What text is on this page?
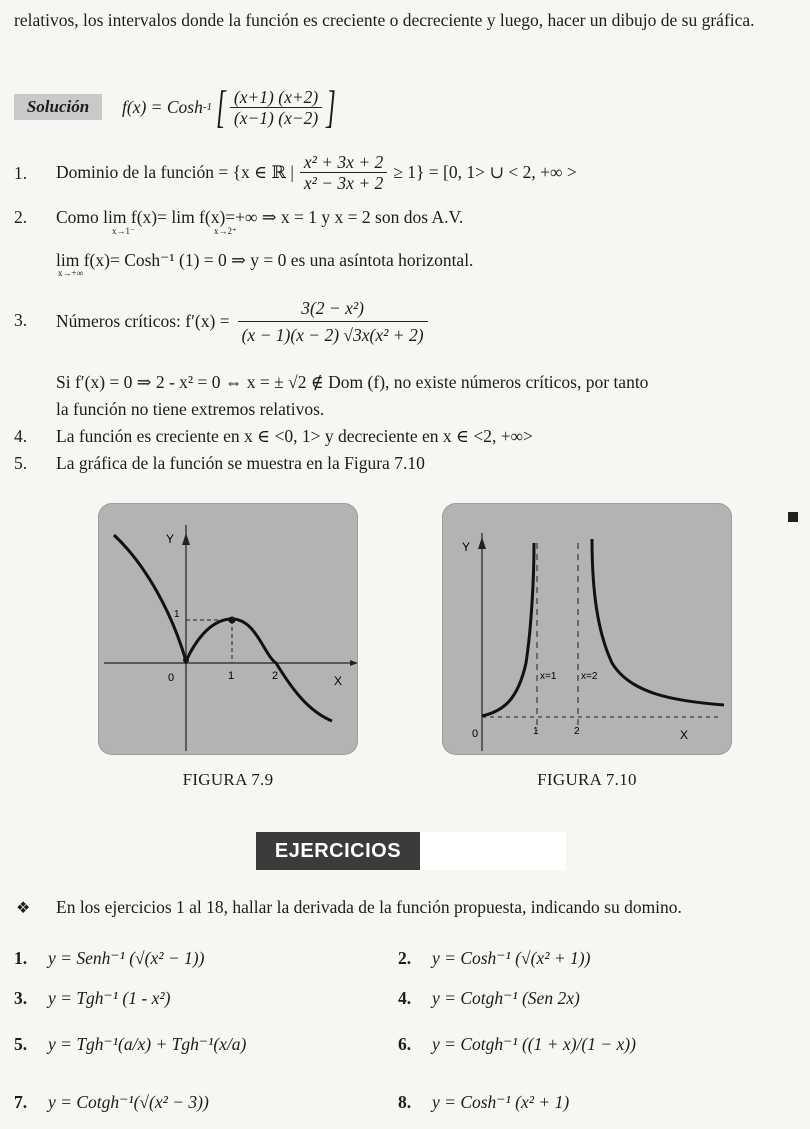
relativos, los intervalos donde la función es creciente o decreciente y luego, hacer un dibujo de su gráfica.
Solución	f(x) = Cosh -1 [ $\frac{(x+1) (x+2)}{(x-1) (x-2)}$ ]
1.	Dominio de la función = {x ∈ ℝ | $\frac{\text{x² + 3x + 2}}{\text{x² − 3x + 2}} \ge 1\} = [0$, 1> ∪ < 2, +∞ >
2.	Como lim f(x)= lim f(x)=+∞ ⇒ x = 1 y x = 2 son dos A.V.
x→1⁻	x→2⁺
lim f(x)= Cosh⁻¹ (1) = 0 ⇒ y = 0 es una asíntota horizontal.
x→+∞
3.	Números críticos: $f'(x) = \frac{\text{3(2 − x²)}}{\text{(x − 1)(x − 2) √3x(x² + 2)}}$
Si f′(x) = 0 ⇒ 2 - x² = 0 ⇔ x = ± √2 ∉ Dom (f), no existe números críticos, por tanto
la función no tiene extremos relativos.
4.	La función es creciente en x ∈ <0, 1> y decreciente en x ∈ <2, +∞>
5.	La gráfica de la función se muestra en la Figura 7.10
Y
X
0	1	2
1
FIGURA 7.9
Y
X
0	1	2
x=1 x=2
FIGURA 7.10
EJERCICIOS
❖ En los ejercicios 1 al 18, hallar la derivada de la función propuesta, indicando su domino.
1. y = Senh⁻¹ (√(x² − 1))	2. y = Cosh⁻¹ (√(x² + 1))
3. y = Tgh⁻¹ (1 - x²)	4. y = Cotgh⁻¹ (Sen 2x)
5. y = Tgh⁻¹(a/x) + Tgh⁻¹(x/a)	6. y = Cotgh⁻¹ ((1 + x)/(1 − x))
7. y = Cotgh⁻¹(√(x² − 3))	8. y = Cosh⁻¹ (x² + 1)
